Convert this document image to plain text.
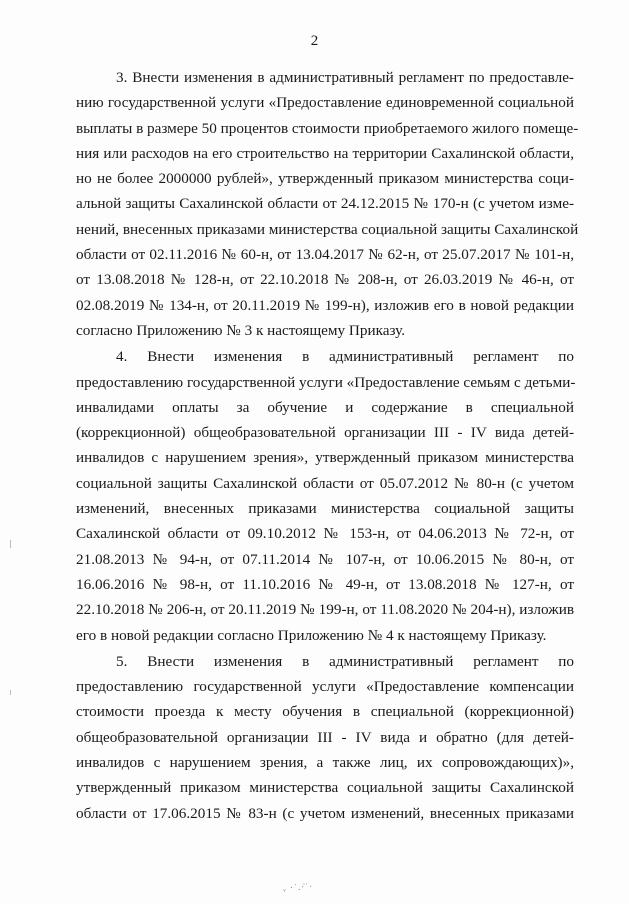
2

3. Внести изменения в административный регламент по предоставле-
нию государственной услуги «Предоставление единовременной социальной
выплаты в размере 50 процентов стоимости приобретаемого жилого помеще-
ния или расходов на его строительство на территории Сахалинской области,
но не более 2000000 рублей», утвержденный приказом министерства соци-
альной защиты Сахалинской области от 24.12.2015 № 170-н (с учетом изме-
нений, внесенных приказами министерства социальной защиты Сахалинской
области от 02.11.2016 № 60-н, от 13.04.2017 № 62-н, от 25.07.2017 № 101-н,
от 13.08.2018 № 128-н, от 22.10.2018 № 208-н, от 26.03.2019 № 46-н, от
02.08.2019 № 134-н, от 20.11.2019 № 199-н), изложив его в новой редакции
согласно Приложению № 3 к настоящему Приказу.

4. Внести изменения в административный регламент по
предоставлению государственной услуги «Предоставление семьям с детьми-
инвалидами оплаты за обучение и содержание в специальной
(коррекционной) общеобразовательной организации III - IV вида детей-
инвалидов с нарушением зрения», утвержденный приказом министерства
социальной защиты Сахалинской области от 05.07.2012 № 80-н (с учетом
изменений, внесенных приказами министерства социальной защиты
Сахалинской области от 09.10.2012 № 153-н, от 04.06.2013 № 72-н, от
21.08.2013 № 94-н, от 07.11.2014 № 107-н, от 10.06.2015 № 80-н, от
16.06.2016 № 98-н, от 11.10.2016 № 49-н, от 13.08.2018 № 127-н, от
22.10.2018 № 206-н, от 20.11.2019 № 199-н, от 11.08.2020 № 204-н), изложив
его в новой редакции согласно Приложению № 4 к настоящему Приказу.

5. Внести изменения в административный регламент по
предоставлению государственной услуги «Предоставление компенсации
стоимости проезда к месту обучения в специальной (коррекционной)
общеобразовательной организации III - IV вида и обратно (для детей-
инвалидов с нарушением зрения, а также лиц, их сопровождающих)»,
утвержденный приказом министерства социальной защиты Сахалинской
области от 17.06.2015 № 83-н (с учетом изменений, внесенных приказами

ᵥ ·˙.·̇˙·
